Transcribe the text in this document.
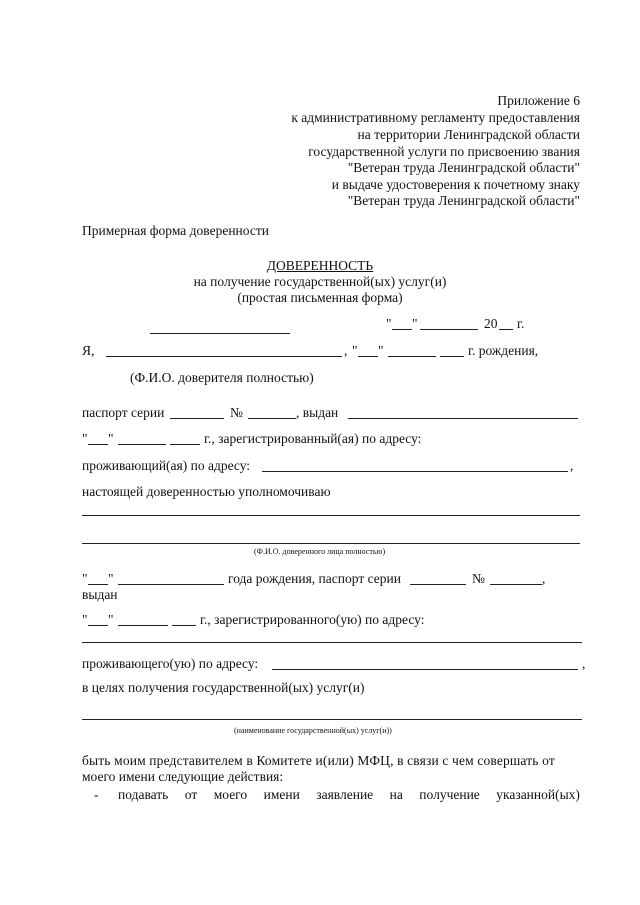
Приложение 6
к административному регламенту предоставления
на территории Ленинградской области
государственной услуги по присвоению звания
"Ветеран труда Ленинградской области"
и выдаче удостоверения к почетному знаку
"Ветеран труда Ленинградской области"
Примерная форма доверенности
ДОВЕРЕННОСТЬ
на получение государственной(ых) услуг(и)
(простая письменная форма)
" "	20 г.
Я,	, " "	г. рождения,
(Ф.И.О. доверителя полностью)
паспорт серии	№	, выдан
" "	г., зарегистрированный(ая) по адресу:
проживающий(ая) по адресу:	,
настоящей доверенностью уполномочиваю
(Ф.И.О. доверенного лица полностью)
" "	года рождения, паспорт серии	№	,
выдан
" "	г., зарегистрированного(ую) по адресу:
проживающего(ую) по адресу:	,
в целях получения государственной(ых) услуг(и)
(наименование государственной(ых) услуг(и))
быть моим представителем в Комитете и(или) МФЦ, в связи с чем совершать от
моего имени следующие действия:
- подавать от моего имени заявление на получение указанной(ых)
